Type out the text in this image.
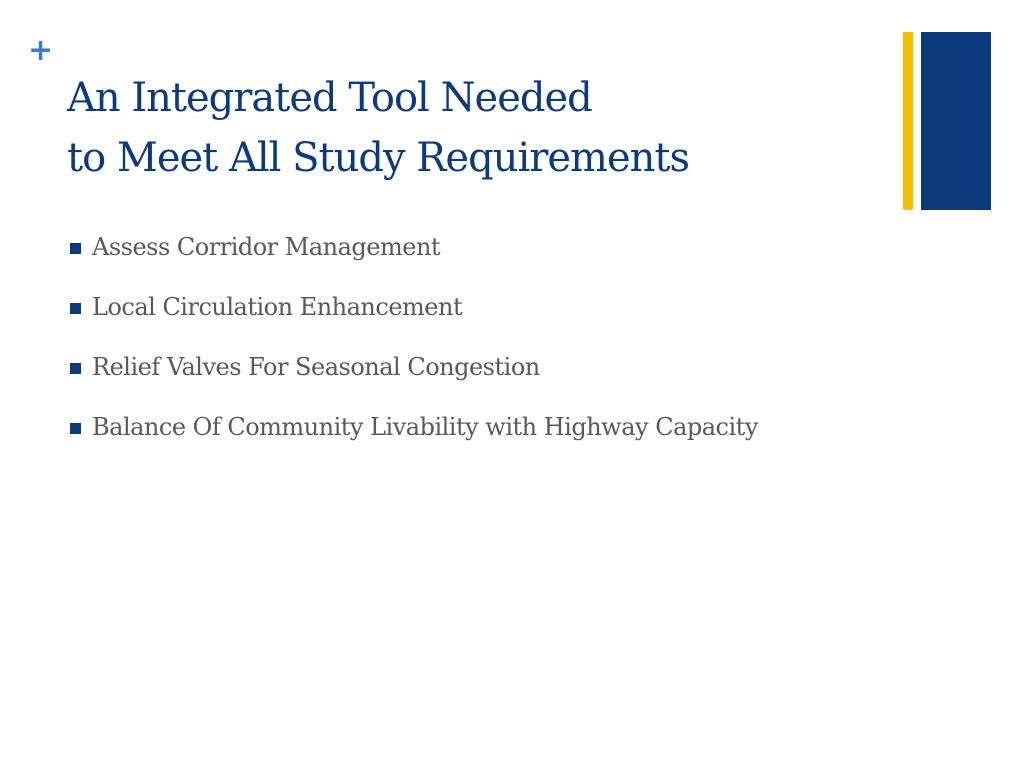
+
An Integrated Tool Needed
to Meet All Study Requirements
Assess Corridor Management
Local Circulation Enhancement
Relief Valves For Seasonal Congestion
Balance Of Community Livability with Highway Capacity
